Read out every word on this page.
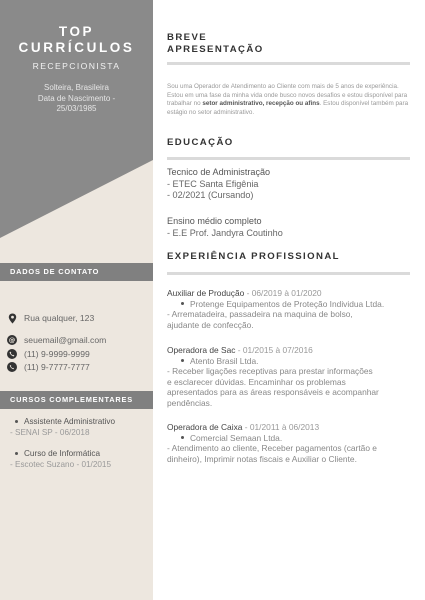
TOP
CURRÍCULOS
RECEPCIONISTA
Solteira, Brasileira
Data de Nascimento -
25/03/1985
DADOS DE CONTATO
Rua qualquer, 123
@ seuemail@gmail.com
(11) 9-9999-9999
(11) 9-7777-7777
CURSOS COMPLEMENTARES
Assistente Administrativo
- SENAI SP - 06/2018
Curso de Informática
- Escotec Suzano - 01/2015
BREVE
APRESENTAÇÃO
Sou uma Operador de Atendimento ao Cliente com mais de 5 anos de experiência. Estou em uma fase da minha vida onde busco novos desafios e estou disponível para trabalhar no setor administrativo, recepção ou afins. Estou disponível também para estágio no setor administrativo.
EDUCAÇÃO
Tecnico de Administração
- ETEC Santa Efigênia
- 02/2021 (Cursando)
Ensino médio completo
- E.E Prof. Jandyra Coutinho
EXPERIÊNCIA PROFISSIONAL
Auxiliar de Produção - 06/2019 à 01/2020
Protenge Equipamentos de Proteção Individua Ltda.
- Arrematadeira, passadeira na maquina de bolso,
ajudante de confecção.
Operadora de Sac - 01/2015 à 07/2016
Atento Brasil Ltda.
- Receber ligações receptivas para prestar informações
e esclarecer dúvidas. Encaminhar os problemas
apresentados para as áreas responsáveis e acompanhar
pendências.
Operadora de Caixa - 01/2011 à 06/2013
Comercial Semaan Ltda.
- Atendimento ao cliente, Receber pagamentos (cartão e
dinheiro), Imprimir notas fiscais e Auxiliar o Cliente.
